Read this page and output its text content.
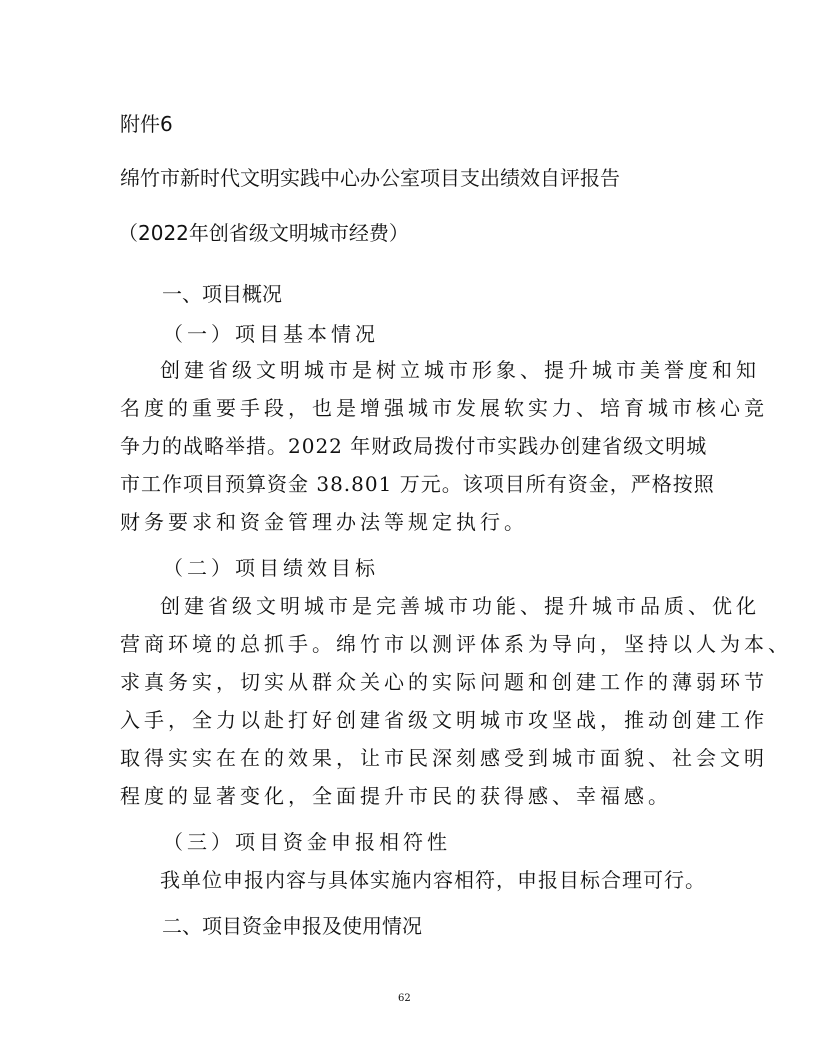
附件6
绵竹市新时代文明实践中心办公室项目支出绩效自评报告
（2022年创省级文明城市经费）
一、项目概况
（一）项目基本情况
创建省级文明城市是树立城市形象、提升城市美誉度和知
名度的重要手段，也是增强城市发展软实力、培育城市核心竞
争力的战略举措。2022 年财政局拨付市实践办创建省级文明城
市工作项目预算资金 38.801 万元。该项目所有资金，严格按照
财务要求和资金管理办法等规定执行。
（二）项目绩效目标
创建省级文明城市是完善城市功能、提升城市品质、优化
营商环境的总抓手。绵竹市以测评体系为导向，坚持以人为本、
求真务实，切实从群众关心的实际问题和创建工作的薄弱环节
入手，全力以赴打好创建省级文明城市攻坚战，推动创建工作
取得实实在在的效果，让市民深刻感受到城市面貌、社会文明
程度的显著变化，全面提升市民的获得感、幸福感。
（三）项目资金申报相符性
我单位申报内容与具体实施内容相符，申报目标合理可行。
二、项目资金申报及使用情况
62
